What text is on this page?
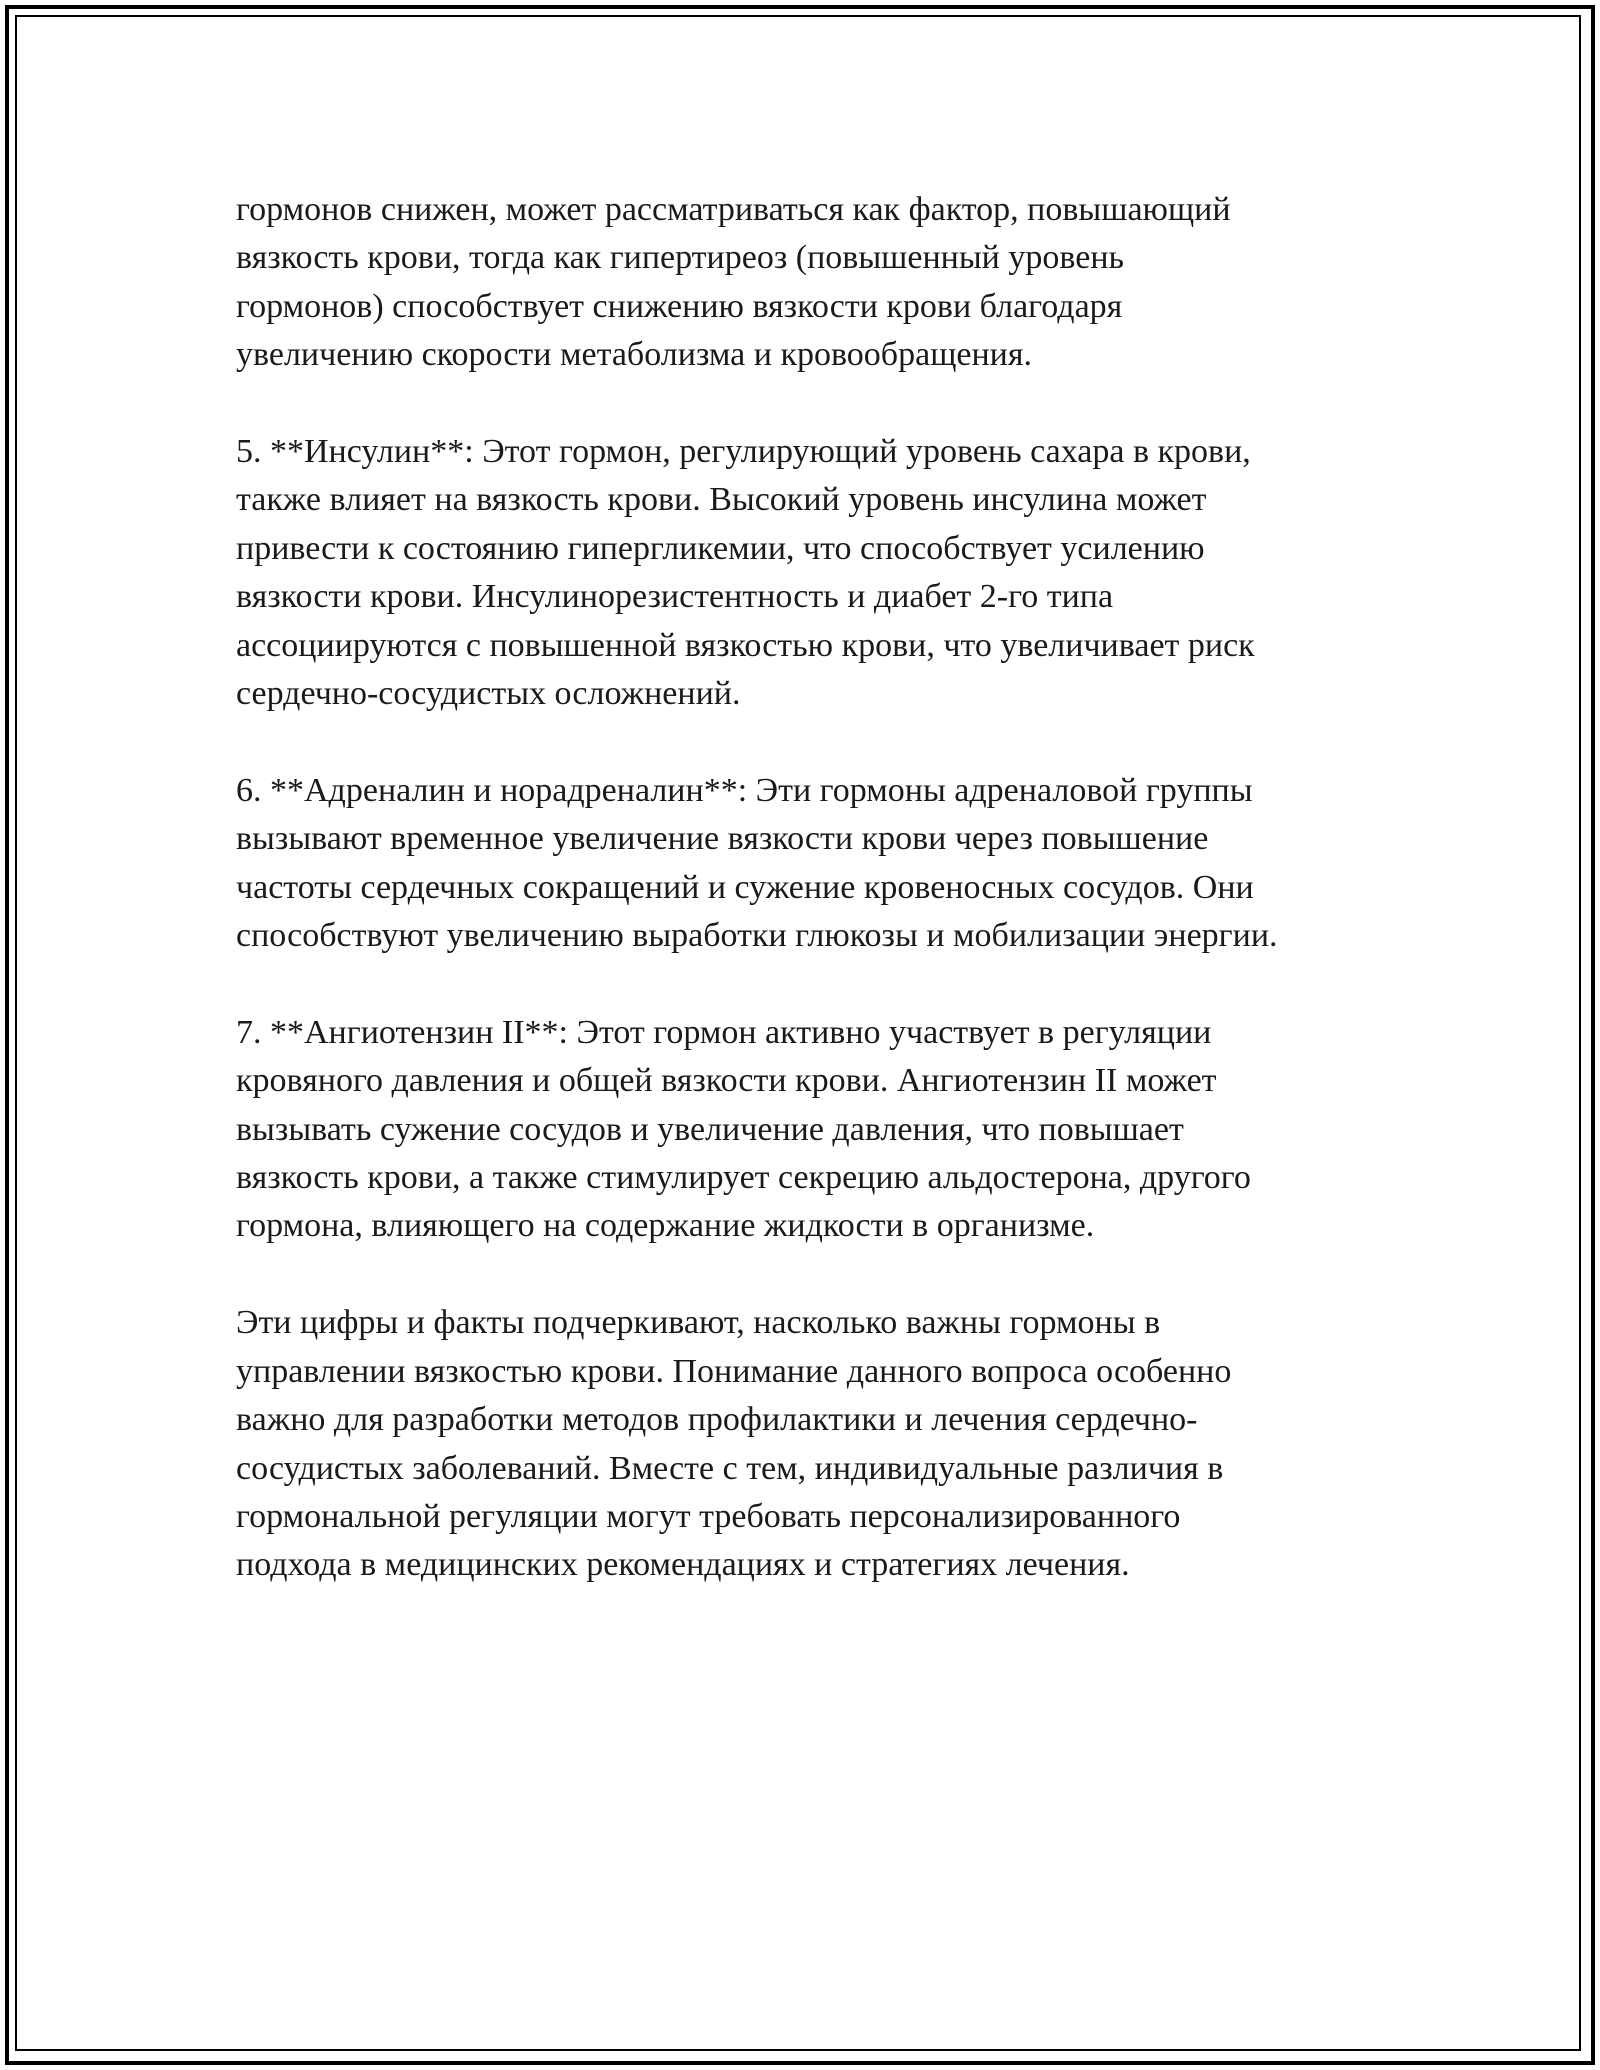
гормонов снижен, может рассматриваться как фактор, повышающий
вязкость крови, тогда как гипертиреоз (повышенный уровень
гормонов) способствует снижению вязкости крови благодаря
увеличению скорости метаболизма и кровообращения.

5. **Инсулин**: Этот гормон, регулирующий уровень сахара в крови,
также влияет на вязкость крови. Высокий уровень инсулина может
привести к состоянию гипергликемии, что способствует усилению
вязкости крови. Инсулинорезистентность и диабет 2-го типа
ассоциируются с повышенной вязкостью крови, что увеличивает риск
сердечно-сосудистых осложнений.

6. **Адреналин и норадреналин**: Эти гормоны адреналовой группы
вызывают временное увеличение вязкости крови через повышение
частоты сердечных сокращений и сужение кровеносных сосудов. Они
способствуют увеличению выработки глюкозы и мобилизации энергии.

7. **Ангиотензин II**: Этот гормон активно участвует в регуляции
кровяного давления и общей вязкости крови. Ангиотензин II может
вызывать сужение сосудов и увеличение давления, что повышает
вязкость крови, а также стимулирует секрецию альдостерона, другого
гормона, влияющего на содержание жидкости в организме.

Эти цифры и факты подчеркивают, насколько важны гормоны в
управлении вязкостью крови. Понимание данного вопроса особенно
важно для разработки методов профилактики и лечения сердечно-
сосудистых заболеваний. Вместе с тем, индивидуальные различия в
гормональной регуляции могут требовать персонализированного
подхода в медицинских рекомендациях и стратегиях лечения.
